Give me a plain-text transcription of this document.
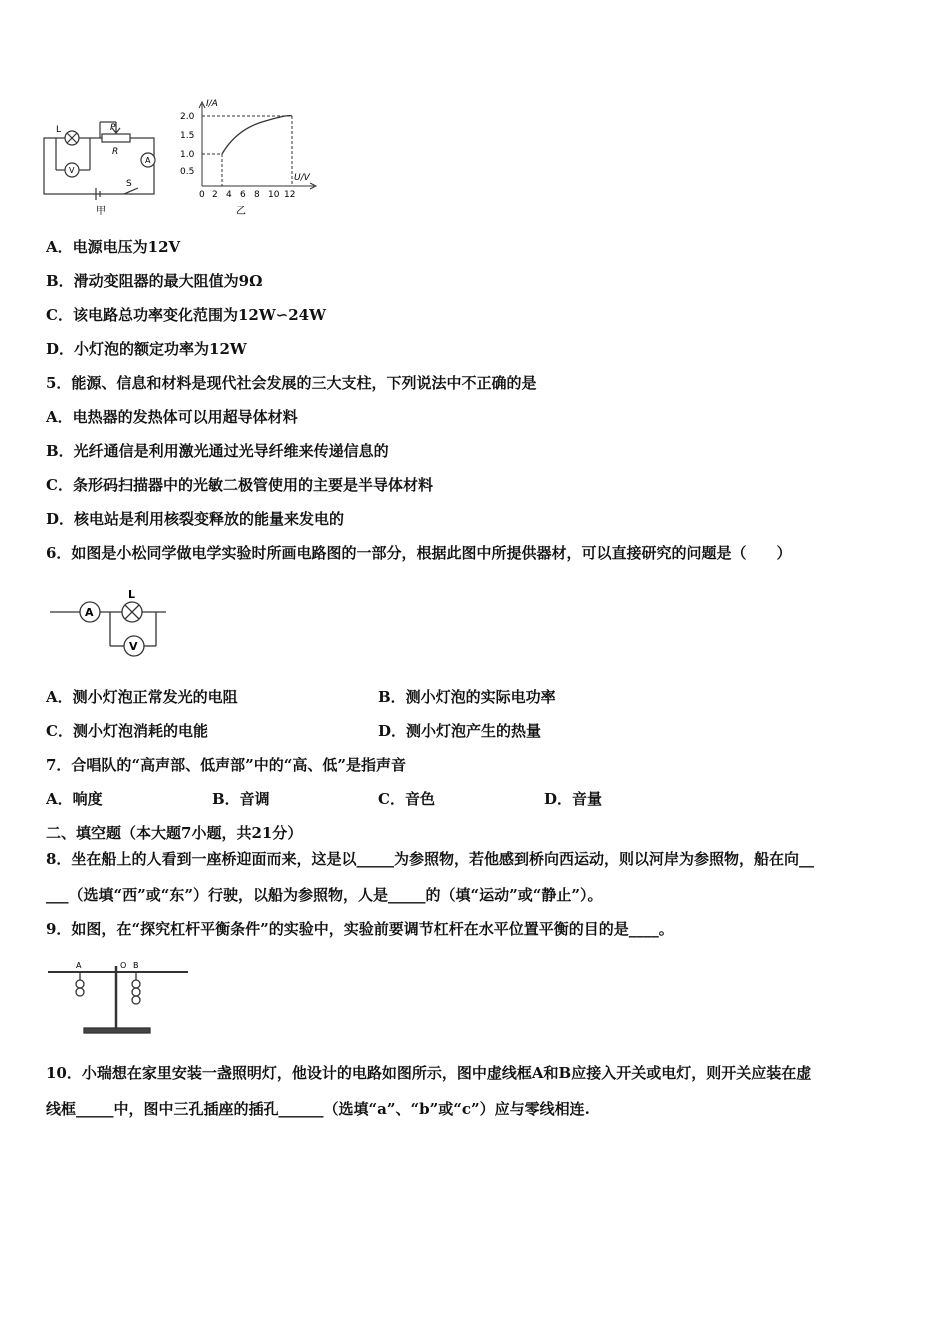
L	P
R
S
A
V
甲
I/A
U/V
2.0
1.5
1.0
0.5
0 2 4 6 8 10 12
乙
A．电源电压为12V
B．滑动变阻器的最大阻值为9Ω
C．该电路总功率变化范围为12W∽24W
D．小灯泡的额定功率为12W
5．能源、信息和材料是现代社会发展的三大支柱，下列说法中不正确的是
A．电热器的发热体可以用超导体材料
B．光纤通信是利用激光通过光导纤维来传递信息的
C．条形码扫描器中的光敏二极管使用的主要是半导体材料
D．核电站是利用核裂变释放的能量来发电的
6．如图是小松同学做电学实验时所画电路图的一部分，根据此图中所提供器材，可以直接研究的问题是（　　）
A
L
V
A．测小灯泡正常发光的电阻	B．测小灯泡的实际电功率
C．测小灯泡消耗的电能	D．测小灯泡产生的热量
7．合唱队的“高声部、低声部”中的“高、低”是指声音
A．响度	B．音调	C．音色	D．音量
二、填空题（本大题7小题，共21分）
8．坐在船上的人看到一座桥迎面而来，这是以_____为参照物，若他感到桥向西运动，则以河岸为参照物，船在向__
___（选填“西”或“东”）行驶，以船为参照物，人是_____的（填“运动”或“静止”）。
9．如图，在“探究杠杆平衡条件”的实验中，实验前要调节杠杆在水平位置平衡的目的是____。
A	O B
10．小瑞想在家里安装一盏照明灯，他设计的电路如图所示，图中虚线框A和B应接入开关或电灯，则开关应装在虚
线框_____中，图中三孔插座的插孔______（选填“a”、“b”或“c”）应与零线相连.
